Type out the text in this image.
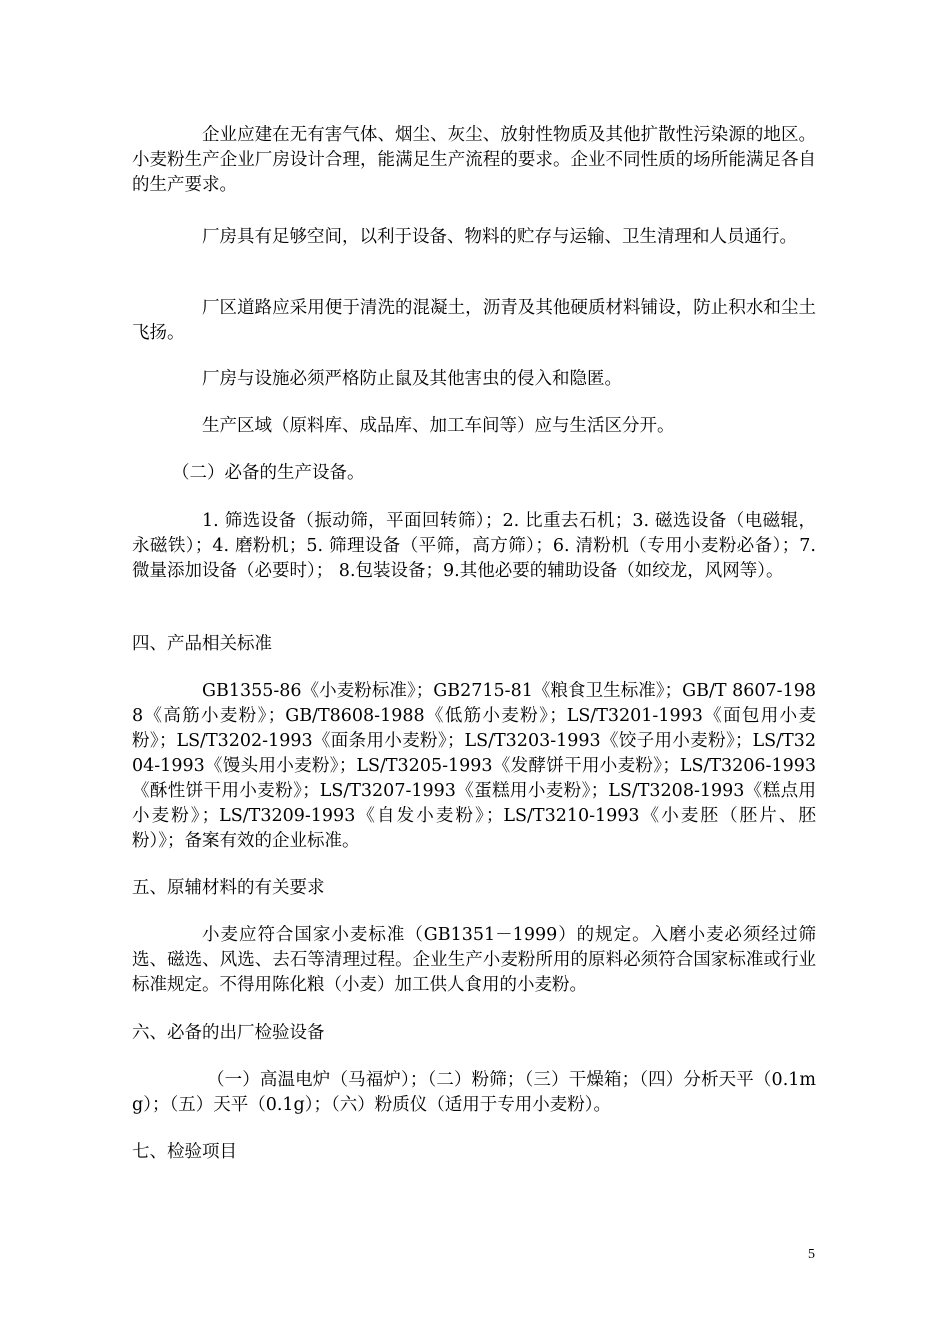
企业应建在无有害气体、烟尘、灰尘、放射性物质及其他扩散性污染源的地区。小麦粉生产企业厂房设计合理，能满足生产流程的要求。企业不同性质的场所能满足各自的生产要求。

厂房具有足够空间，以利于设备、物料的贮存与运输、卫生清理和人员通行。

厂区道路应采用便于清洗的混凝土，沥青及其他硬质材料铺设，防止积水和尘土飞扬。

厂房与设施必须严格防止鼠及其他害虫的侵入和隐匿。

生产区域（原料库、成品库、加工车间等）应与生活区分开。

（二）必备的生产设备。

1. 筛选设备（振动筛，平面回转筛）；2. 比重去石机；3. 磁选设备（电磁辊，永磁铁）；4. 磨粉机；5. 筛理设备（平筛，高方筛）；6. 清粉机（专用小麦粉必备）；7.微量添加设备（必要时）； 8.包装设备；9.其他必要的辅助设备（如绞龙，风网等）。

四、产品相关标准

GB1355-86《小麦粉标准》；GB2715-81《粮食卫生标准》；GB/T 8607-1988《高筋小麦粉》；GB/T8608-1988《低筋小麦粉》；LS/T3201-1993《面包用小麦粉》；LS/T3202-1993《面条用小麦粉》；LS/T3203-1993《饺子用小麦粉》；LS/T3204-1993《馒头用小麦粉》；LS/T3205-1993《发酵饼干用小麦粉》；LS/T3206-1993《酥性饼干用小麦粉》；LS/T3207-1993《蛋糕用小麦粉》；LS/T3208-1993《糕点用小麦粉》；LS/T3209-1993《自发小麦粉》；LS/T3210-1993《小麦胚（胚片、胚粉）》；备案有效的企业标准。

五、原辅材料的有关要求

小麦应符合国家小麦标准（GB1351－1999）的规定。入磨小麦必须经过筛选、磁选、风选、去石等清理过程。企业生产小麦粉所用的原料必须符合国家标准或行业标准规定。不得用陈化粮（小麦）加工供人食用的小麦粉。

六、必备的出厂检验设备

（一）高温电炉（马福炉）；（二）粉筛；（三）干燥箱；（四）分析天平（0.1mg）；（五）天平（0.1g）；（六）粉质仪（适用于专用小麦粉）。

七、检验项目

5
